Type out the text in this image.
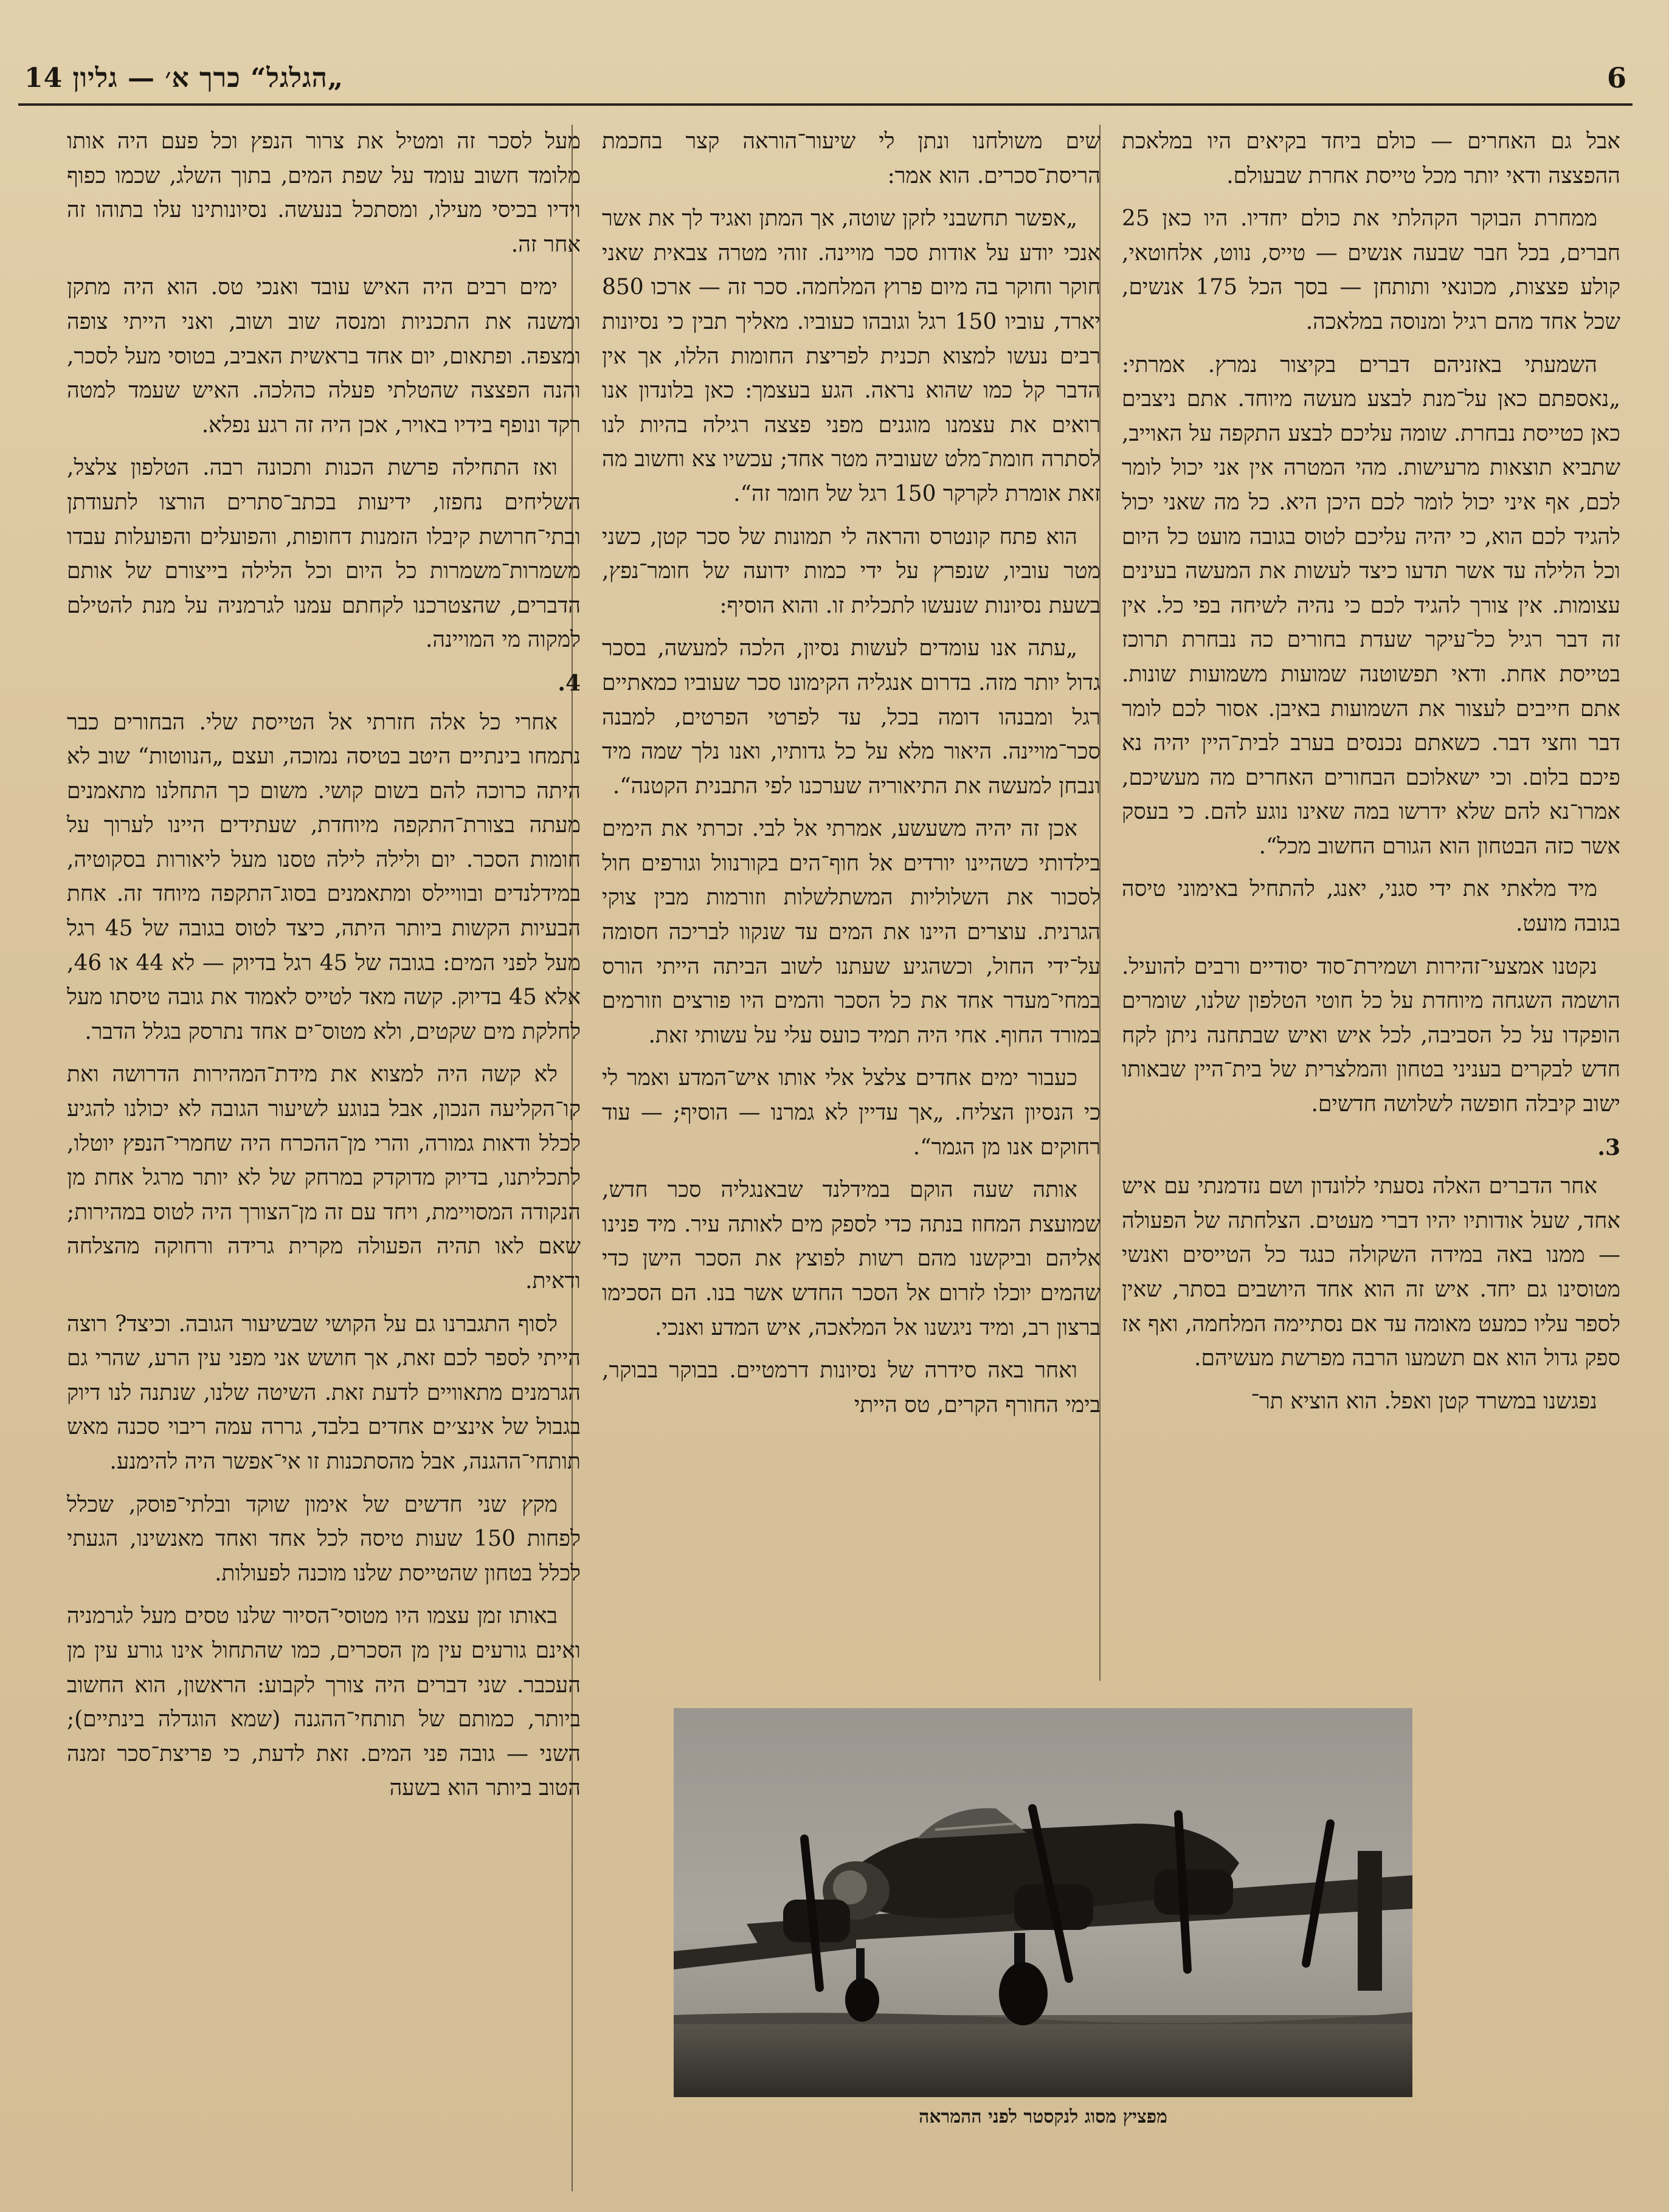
6
„הגלגל“ כרך א׳ — גליון 14

אבל גם האחרים — כולם ביחד בקיאים היו במלאכת ההפצצה ודאי יותר מכל טייסת אחרת שבעולם.

ממחרת הבוקר הקהלתי את כולם יחדיו. היו כאן 25 חברים, בכל חבר שבעה אנשים — טייס, נווט, אלחוטאי, קולע פצצות, מכונאי ותותחן — בסך הכל 175 אנשים, שכל אחד מהם רגיל ומנוסה במלאכה.

השמעתי באזניהם דברים בקיצור נמרץ. אמרתי: „נאספתם כאן על־מנת לבצע מעשה מיוחד. אתם ניצבים כאן כטייסת נבחרת. שומה עליכם לבצע התקפה על האוייב, שתביא תוצאות מרעישות. מהי המטרה אין אני יכול לומר לכם, אף איני יכול לומר לכם היכן היא. כל מה שאני יכול להגיד לכם הוא, כי יהיה עליכם לטוס בגובה מועט כל היום וכל הלילה עד אשר תדעו כיצד לעשות את המעשה בעינים עצומות. אין צורך להגיד לכם כי נהיה לשיחה בפי כל. אין זה דבר רגיל כל־עיקר שעדת בחורים כה נבחרת תרוכז בטייסת אחת. ודאי תפשוטנה שמועות משמועות שונות. אתם חייבים לעצור את השמועות באיבן. אסור לכם לומר דבר וחצי דבר. כשאתם נכנסים בערב לבית־היין יהיה נא פיכם בלום. וכי ישאלוכם הבחורים האחרים מה מעשיכם, אמרו־נא להם שלא ידרשו במה שאינו נוגע להם. כי בעסק אשר כזה הבטחון הוא הגורם החשוב מכל“.

מיד מלאתי את ידי סגני, יאנג, להתחיל באימוני טיסה בגובה מועט.

נקטנו אמצעי־זהירות ושמירת־סוד יסודיים ורבים להועיל. הושמה השגחה מיוחדת על כל חוטי הטלפון שלנו, שומרים הופקדו על כל הסביבה, לכל איש ואיש שבתחנה ניתן לקח חדש לבקרים בעניני בטחון והמלצרית של בית־היין שבאותו ישוב קיבלה חופשה לשלושה חדשים.

3.

אחר הדברים האלה נסעתי ללונדון ושם נזדמנתי עם איש אחד, שעל אודותיו יהיו דברי מעטים. הצלחתה של הפעולה — ממנו באה במידה השקולה כנגד כל הטייסים ואנשי מטוסינו גם יחד. איש זה הוא אחד היושבים בסתר, שאין לספר עליו כמעט מאומה עד אם נסתיימה המלחמה, ואף אז ספק גדול הוא אם תשמעו הרבה מפרשת מעשיהם.

נפגשנו במשרד קטן ואפל. הוא הוציא תר־

שים משולחנו ונתן לי שיעור־הוראה קצר בחכמת הריסת־סכרים. הוא אמר:

„אפשר תחשבני לזקן שוטה, אך המתן ואגיד לך את אשר אנכי יודע על אודות סכר מויינה. זוהי מטרה צבאית שאני חוקר וחוקר בה מיום פרוץ המלחמה. סכר זה — ארכו 850 יארד, עוביו 150 רגל וגובהו כעוביו. מאליך תבין כי נסיונות רבים נעשו למצוא תכנית לפריצת החומות הללו, אך אין הדבר קל כמו שהוא נראה. הגע בעצמך: כאן בלונדון אנו רואים את עצמנו מוגנים מפני פצצה רגילה בהיות לנו לסתרה חומת־מלט שעוביה מטר אחד; עכשיו צא וחשוב מה זאת אומרת לקרקר 150 רגל של חומר זה“.

הוא פתח קונטרס והראה לי תמונות של סכר קטן, כשני מטר עוביו, שנפרץ על ידי כמות ידועה של חומר־נפץ, בשעת נסיונות שנעשו לתכלית זו. והוא הוסיף:

„עתה אנו עומדים לעשות נסיון, הלכה למעשה, בסכר גדול יותר מזה. בדרום אנגליה הקימונו סכר שעוביו כמאתיים רגל ומבנהו דומה בכל, עד לפרטי הפרטים, למבנה סכר־מויינה. היאור מלא על כל גדותיו, ואנו נלך שמה מיד ונבחן למעשה את התיאוריה שערכנו לפי התבנית הקטנה“.

אכן זה יהיה משעשע, אמרתי אל לבי. זכרתי את הימים בילדותי כשהיינו יורדים אל חוף־הים בקורנוול וגורפים חול לסכור את השלוליות המשתלשלות וזורמות מבין צוקי הגרנית. עוצרים היינו את המים עד שנקוו לבריכה חסומה על־ידי החול, וכשהגיע שעתנו לשוב הביתה הייתי הורס במחי־מעדר אחד את כל הסכר והמים היו פורצים וזורמים במורד החוף. אחי היה תמיד כועס עלי על עשותי זאת.

כעבור ימים אחדים צלצל אלי אותו איש־המדע ואמר לי כי הנסיון הצליח. „אך עדיין לא גמרנו — הוסיף; — עוד רחוקים אנו מן הגמר“.

אותה שעה הוקם במידלנד שבאנגליה סכר חדש, שמועצת המחוז בנתה כדי לספק מים לאותה עיר. מיד פנינו אליהם וביקשנו מהם רשות לפוצץ את הסכר הישן כדי שהמים יוכלו לזרום אל הסכר החדש אשר בנו. הם הסכימו ברצון רב, ומיד ניגשנו אל המלאכה, איש המדע ואנכי.

ואחר באה סידרה של נסיונות דרמטיים. בבוקר בבוקר, בימי החורף הקרים, טס הייתי

מעל לסכר זה ומטיל את צרור הנפץ וכל פעם היה אותו מלומד חשוב עומד על שפת המים, בתוך השלג, שכמו כפוף וידיו בכיסי מעילו, ומסתכל בנעשה. נסיונותינו עלו בתוהו זה אחר זה.

ימים רבים היה האיש עובד ואנכי טס. הוא היה מתקן ומשנה את התכניות ומנסה שוב ושוב, ואני הייתי צופה ומצפה. ופתאום, יום אחד בראשית האביב, בטוסי מעל לסכר, והנה הפצצה שהטלתי פעלה כהלכה. האיש שעמד למטה רקד ונופף בידיו באויר, אכן היה זה רגע נפלא.

ואז התחילה פרשת הכנות ותכונה רבה. הטלפון צלצל, השליחים נחפזו, ידיעות בכתב־סתרים הורצו לתעודתן ובתי־חרושת קיבלו הזמנות דחופות, והפועלים והפועלות עבדו משמרות־משמרות כל היום וכל הלילה בייצורם של אותם הדברים, שהצטרכנו לקחתם עמנו לגרמניה על מנת להטילם למקוה מי המויינה.

4.

אחרי כל אלה חזרתי אל הטייסת שלי. הבחורים כבר נתמחו בינתיים היטב בטיסה נמוכה, ועצם „הנווטות“ שוב לא היתה כרוכה להם בשום קושי. משום כך התחלנו מתאמנים מעתה בצורת־התקפה מיוחדת, שעתידים היינו לערוך על חומות הסכר. יום ולילה לילה טסנו מעל ליאורות בסקוטיה, במידלנדים ובוויילס ומתאמנים בסוג־התקפה מיוחד זה. אחת הבעיות הקשות ביותר היתה, כיצד לטוס בגובה של 45 רגל מעל לפני המים: בגובה של 45 רגל בדיוק — לא 44 או 46, אלא 45 בדיוק. קשה מאד לטייס לאמוד את גובה טיסתו מעל לחלקת מים שקטים, ולא מטוס־ים אחד נתרסק בגלל הדבר.

לא קשה היה למצוא את מידת־המהירות הדרושה ואת קו־הקליעה הנכון, אבל בנוגע לשיעור הגובה לא יכולנו להגיע לכלל ודאות גמורה, והרי מן־ההכרח היה שחמרי־הנפץ יוטלו, לתכליתנו, בדיוק מדוקדק במרחק של לא יותר מרגל אחת מן הנקודה המסויימת, ויחד עם זה מן־הצורך היה לטוס במהירות; שאם לאו תהיה הפעולה מקרית גרידה ורחוקה מהצלחה ודאית.

לסוף התגברנו גם על הקושי שבשיעור הגובה. וכיצד? רוצה הייתי לספר לכם זאת, אך חושש אני מפני עין הרע, שהרי גם הגרמנים מתאוויים לדעת זאת. השיטה שלנו, שנתנה לנו דיוק בגבול של אינצ׳ים אחדים בלבד, גררה עמה ריבוי סכנה מאש תותחי־ההגנה, אבל מהסתכנות זו אי־אפשר היה להימנע.

מקץ שני חדשים של אימון שוקד ובלתי־פוסק, שכלל לפחות 150 שעות טיסה לכל אחד ואחד מאנשינו, הגעתי לכלל בטחון שהטייסת שלנו מוכנה לפעולות.

באותו זמן עצמו היו מטוסי־הסיור שלנו טסים מעל לגרמניה ואינם גורעים עין מן הסכרים, כמו שהתחול אינו גורע עין מן העכבר. שני דברים היה צורך לקבוע: הראשון, הוא החשוב ביותר, כמותם של תותחי־ההגנה (שמא הוגדלה בינתיים); השני — גובה פני המים. זאת לדעת, כי פריצת־סכר זמנה הטוב ביותר הוא בשעה

מפציץ מסוג לנקסטר לפני ההמראה
